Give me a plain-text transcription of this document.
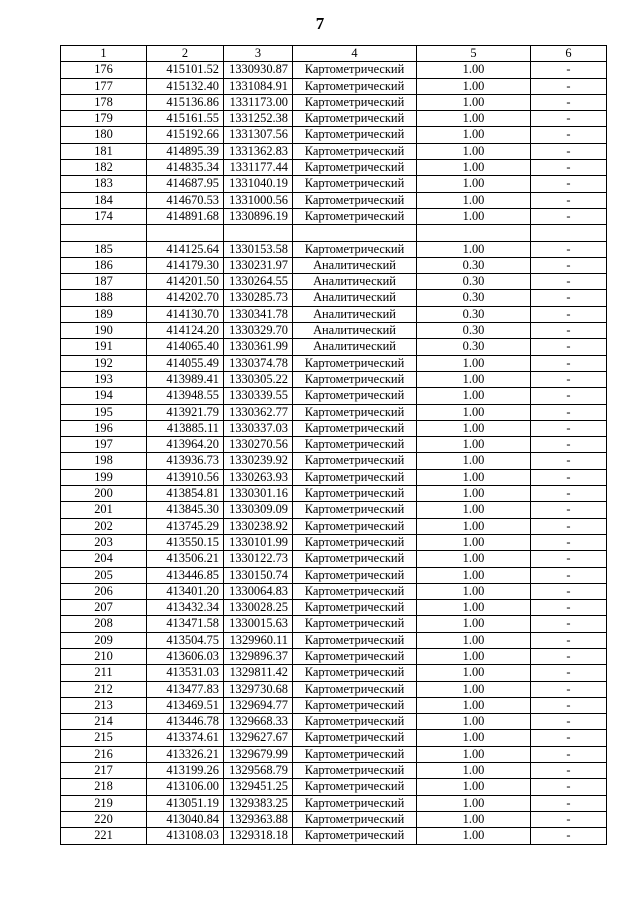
7
1	2	3	4	5	6
176	415101.52	1330930.87	Картометрический	1.00	-
177	415132.40	1331084.91	Картометрический	1.00	-
178	415136.86	1331173.00	Картометрический	1.00	-
179	415161.55	1331252.38	Картометрический	1.00	-
180	415192.66	1331307.56	Картометрический	1.00	-
181	414895.39	1331362.83	Картометрический	1.00	-
182	414835.34	1331177.44	Картометрический	1.00	-
183	414687.95	1331040.19	Картометрический	1.00	-
184	414670.53	1331000.56	Картометрический	1.00	-
174	414891.68	1330896.19	Картометрический	1.00	-

185	414125.64	1330153.58	Картометрический	1.00	-
186	414179.30	1330231.97	Аналитический	0.30	-
187	414201.50	1330264.55	Аналитический	0.30	-
188	414202.70	1330285.73	Аналитический	0.30	-
189	414130.70	1330341.78	Аналитический	0.30	-
190	414124.20	1330329.70	Аналитический	0.30	-
191	414065.40	1330361.99	Аналитический	0.30	-
192	414055.49	1330374.78	Картометрический	1.00	-
193	413989.41	1330305.22	Картометрический	1.00	-
194	413948.55	1330339.55	Картометрический	1.00	-
195	413921.79	1330362.77	Картометрический	1.00	-
196	413885.11	1330337.03	Картометрический	1.00	-
197	413964.20	1330270.56	Картометрический	1.00	-
198	413936.73	1330239.92	Картометрический	1.00	-
199	413910.56	1330263.93	Картометрический	1.00	-
200	413854.81	1330301.16	Картометрический	1.00	-
201	413845.30	1330309.09	Картометрический	1.00	-
202	413745.29	1330238.92	Картометрический	1.00	-
203	413550.15	1330101.99	Картометрический	1.00	-
204	413506.21	1330122.73	Картометрический	1.00	-
205	413446.85	1330150.74	Картометрический	1.00	-
206	413401.20	1330064.83	Картометрический	1.00	-
207	413432.34	1330028.25	Картометрический	1.00	-
208	413471.58	1330015.63	Картометрический	1.00	-
209	413504.75	1329960.11	Картометрический	1.00	-
210	413606.03	1329896.37	Картометрический	1.00	-
211	413531.03	1329811.42	Картометрический	1.00	-
212	413477.83	1329730.68	Картометрический	1.00	-
213	413469.51	1329694.77	Картометрический	1.00	-
214	413446.78	1329668.33	Картометрический	1.00	-
215	413374.61	1329627.67	Картометрический	1.00	-
216	413326.21	1329679.99	Картометрический	1.00	-
217	413199.26	1329568.79	Картометрический	1.00	-
218	413106.00	1329451.25	Картометрический	1.00	-
219	413051.19	1329383.25	Картометрический	1.00	-
220	413040.84	1329363.88	Картометрический	1.00	-
221	413108.03	1329318.18	Картометрический	1.00	-
